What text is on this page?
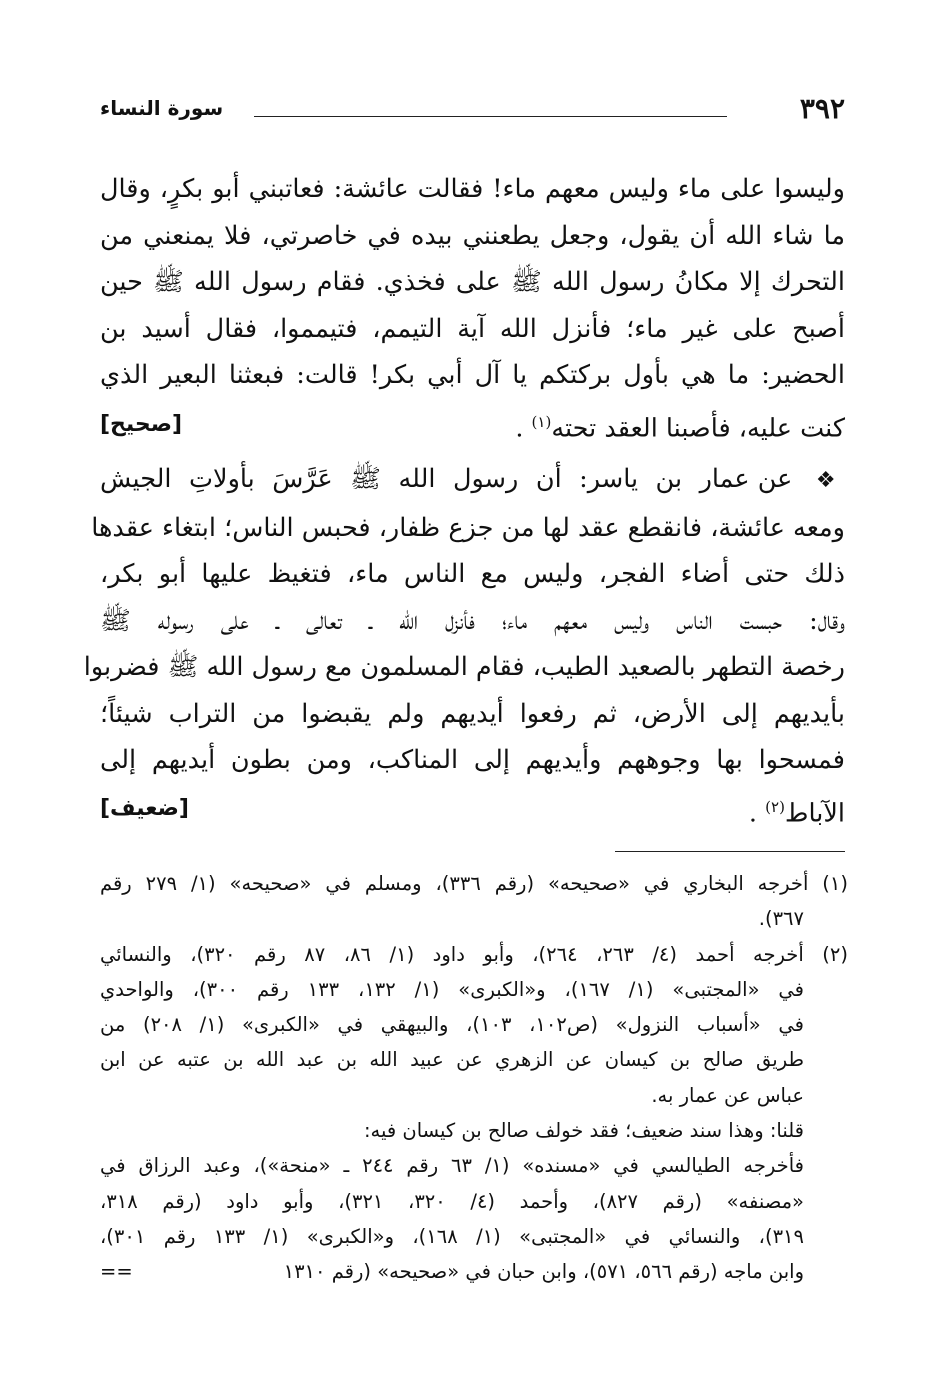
٣٩٢
سورة النساء
وليسوا على ماء وليس معهم ماء! فقالت عائشة: فعاتبني أبو بكرٍ، وقال
ما شاء الله أن يقول، وجعل يطعنني بيده في خاصرتي، فلا يمنعني من
التحرك إلا مكانُ رسول الله ﷺ على فخذي. فقام رسول الله ﷺ حين
أصبح على غير ماء؛ فأنزل الله آية التيمم، فتيمموا، فقال أسيد بن
الحضير: ما هي بأول بركتكم يا آل أبي بكر! قالت: فبعثنا البعير الذي
كنت عليه، فأصبنا العقد تحته$^{(١)}$ .
[صحيح]
❖ عن عمار بن ياسر: أن رسول الله ﷺ عَرَّسَ بأولاتِ الجيش
ومعه عائشة، فانقطع عقد لها من جزع ظفار، فحبس الناس؛ ابتغاء عقدها
ذلك حتى أضاء الفجر، وليس مع الناس ماء، فتغيظ عليها أبو بكر،
وقال: حبست الناس وليس معهم ماء؛ فأنزل الله ـ تعالى ـ على رسوله ﷺ
رخصة التطهر بالصعيد الطيب، فقام المسلمون مع رسول الله ﷺ فضربوا
بأيديهم إلى الأرض، ثم رفعوا أيديهم ولم يقبضوا من التراب شيئاً؛
فمسحوا بها وجوههم وأيديهم إلى المناكب، ومن بطون أيديهم إلى
الآباط$^{(٢)}$ .
[ضعيف]
(١) أخرجه البخاري في «صحيحه» (رقم ٣٣٦)، ومسلم في «صحيحه» (١/ ٢٧٩ رقم
٣٦٧).
(٢) أخرجه أحمد (٤/ ٢٦٣، ٢٦٤)، وأبو داود (١/ ٨٦، ٨٧ رقم ٣٢٠)، والنسائي
في «المجتبى» (١/ ١٦٧)، و«الكبرى» (١/ ١٣٢، ١٣٣ رقم ٣٠٠)، والواحدي
في «أسباب النزول» (ص١٠٢، ١٠٣)، والبيهقي في «الكبرى» (١/ ٢٠٨) من
طريق صالح بن كيسان عن الزهري عن عبيد الله بن عبد الله بن عتبه عن ابن
عباس عن عمار به.
قلنا: وهذا سند ضعيف؛ فقد خولف صالح بن كيسان فيه:
فأخرجه الطيالسي في «مسنده» (١/ ٦٣ رقم ٢٤٤ ـ «منحة»)، وعبد الرزاق في
«مصنفه» (رقم ٨٢٧)، وأحمد (٤/ ٣٢٠، ٣٢١)، وأبو داود (رقم ٣١٨،
٣١٩)، والنسائي في «المجتبى» (١/ ١٦٨)، و«الكبرى» (١/ ١٣٣ رقم ٣٠١)،
وابن ماجه (رقم ٥٦٦، ٥٧١)، وابن حبان في «صحيحه» (رقم ١٣١٠
==
